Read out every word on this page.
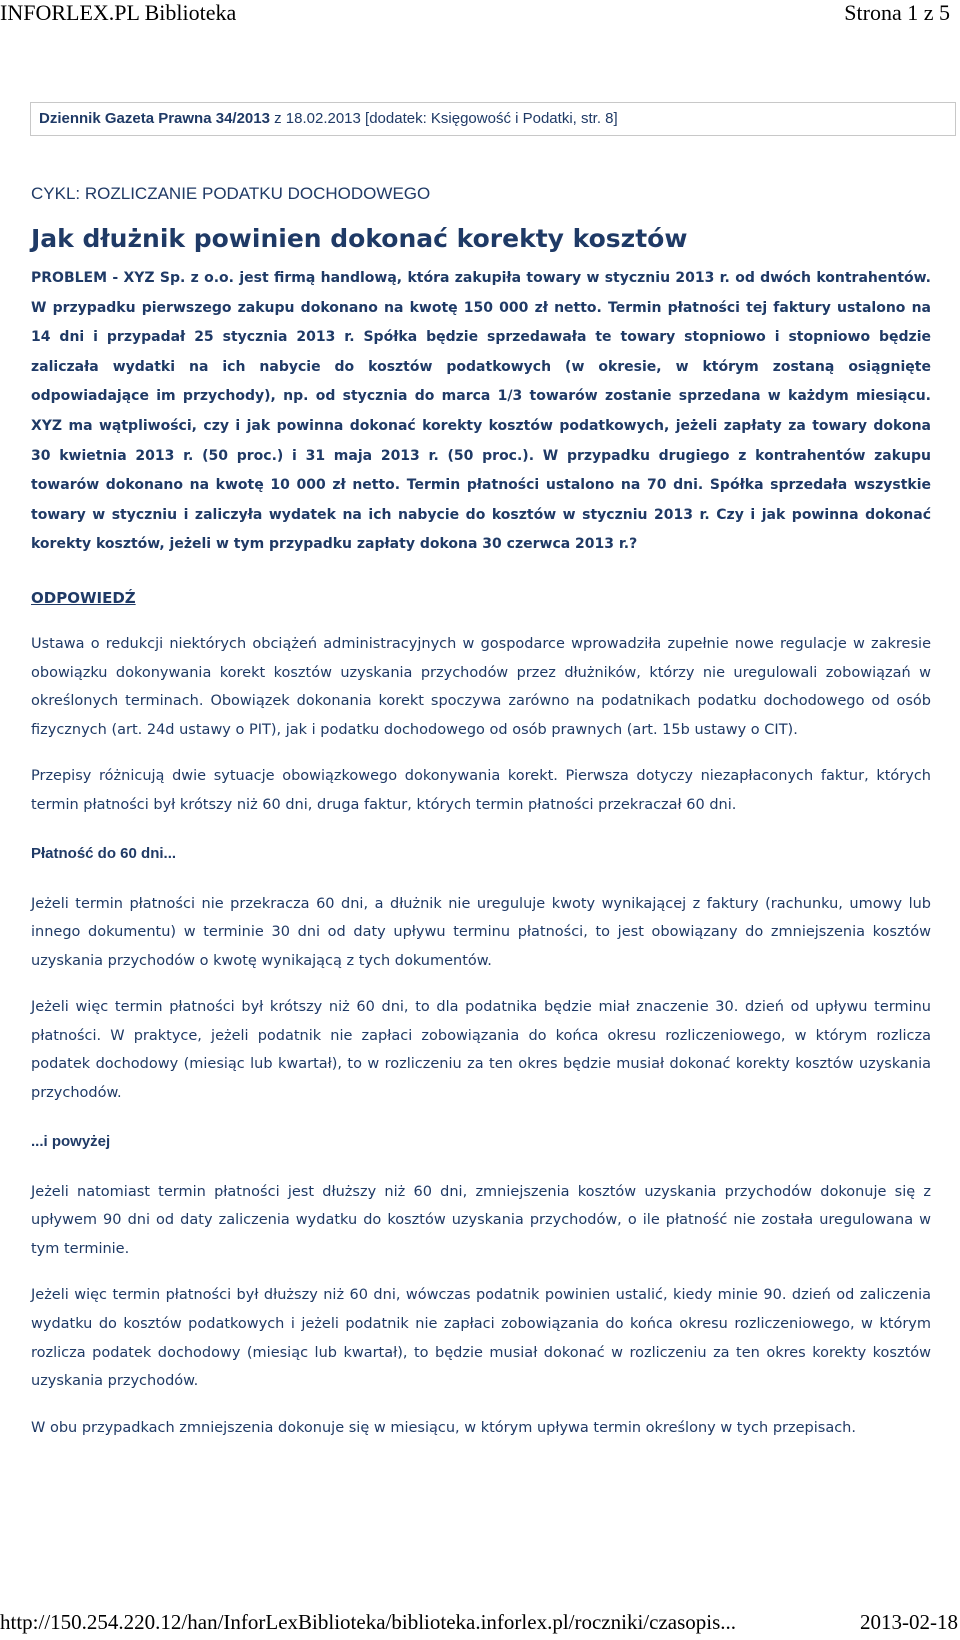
INFORLEX.PL Biblioteka	Strona 1 z 5
Dziennik Gazeta Prawna 34/2013 z 18.02.2013 [dodatek: Księgowość i Podatki, str. 8]
CYKL: ROZLICZANIE PODATKU DOCHODOWEGO
Jak dłużnik powinien dokonać korekty kosztów

PROBLEM - XYZ Sp. z o.o. jest firmą handlową, która zakupiła towary w styczniu 2013 r. od dwóch kontrahentów. W przypadku pierwszego zakupu dokonano na kwotę 150 000 zł netto. Termin płatności tej faktury ustalono na 14 dni i przypadał 25 stycznia 2013 r. Spółka będzie sprzedawała te towary stopniowo i stopniowo będzie zaliczała wydatki na ich nabycie do kosztów podatkowych (w okresie, w którym zostaną osiągnięte odpowiadające im przychody), np. od stycznia do marca 1/3 towarów zostanie sprzedana w każdym miesiącu. XYZ ma wątpliwości, czy i jak powinna dokonać korekty kosztów podatkowych, jeżeli zapłaty za towary dokona 30 kwietnia 2013 r. (50 proc.) i 31 maja 2013 r. (50 proc.). W przypadku drugiego z kontrahentów zakupu towarów dokonano na kwotę 10 000 zł netto. Termin płatności ustalono na 70 dni. Spółka sprzedała wszystkie towary w styczniu i zaliczyła wydatek na ich nabycie do kosztów w styczniu 2013 r. Czy i jak powinna dokonać korekty kosztów, jeżeli w tym przypadku zapłaty dokona 30 czerwca 2013 r.?

ODPOWIEDŹ

Ustawa o redukcji niektórych obciążeń administracyjnych w gospodarce wprowadziła zupełnie nowe regulacje w zakresie obowiązku dokonywania korekt kosztów uzyskania przychodów przez dłużników, którzy nie uregulowali zobowiązań w określonych terminach. Obowiązek dokonania korekt spoczywa zarówno na podatnikach podatku dochodowego od osób fizycznych (art. 24d ustawy o PIT), jak i podatku dochodowego od osób prawnych (art. 15b ustawy o CIT).

Przepisy różnicują dwie sytuacje obowiązkowego dokonywania korekt. Pierwsza dotyczy niezapłaconych faktur, których termin płatności był krótszy niż 60 dni, druga faktur, których termin płatności przekraczał 60 dni.

Płatność do 60 dni...

Jeżeli termin płatności nie przekracza 60 dni, a dłużnik nie ureguluje kwoty wynikającej z faktury (rachunku, umowy lub innego dokumentu) w terminie 30 dni od daty upływu terminu płatności, to jest obowiązany do zmniejszenia kosztów uzyskania przychodów o kwotę wynikającą z tych dokumentów.

Jeżeli więc termin płatności był krótszy niż 60 dni, to dla podatnika będzie miał znaczenie 30. dzień od upływu terminu płatności. W praktyce, jeżeli podatnik nie zapłaci zobowiązania do końca okresu rozliczeniowego, w którym rozlicza podatek dochodowy (miesiąc lub kwartał), to w rozliczeniu za ten okres będzie musiał dokonać korekty kosztów uzyskania przychodów.

...i powyżej

Jeżeli natomiast termin płatności jest dłuższy niż 60 dni, zmniejszenia kosztów uzyskania przychodów dokonuje się z upływem 90 dni od daty zaliczenia wydatku do kosztów uzyskania przychodów, o ile płatność nie została uregulowana w tym terminie.

Jeżeli więc termin płatności był dłuższy niż 60 dni, wówczas podatnik powinien ustalić, kiedy minie 90. dzień od zaliczenia wydatku do kosztów podatkowych i jeżeli podatnik nie zapłaci zobowiązania do końca okresu rozliczeniowego, w którym rozlicza podatek dochodowy (miesiąc lub kwartał), to będzie musiał dokonać w rozliczeniu za ten okres korekty kosztów uzyskania przychodów.

W obu przypadkach zmniejszenia dokonuje się w miesiącu, w którym upływa termin określony w tych przepisach.

http://150.254.220.12/han/InforLexBiblioteka/biblioteka.inforlex.pl/roczniki/czasopis...	2013-02-18
